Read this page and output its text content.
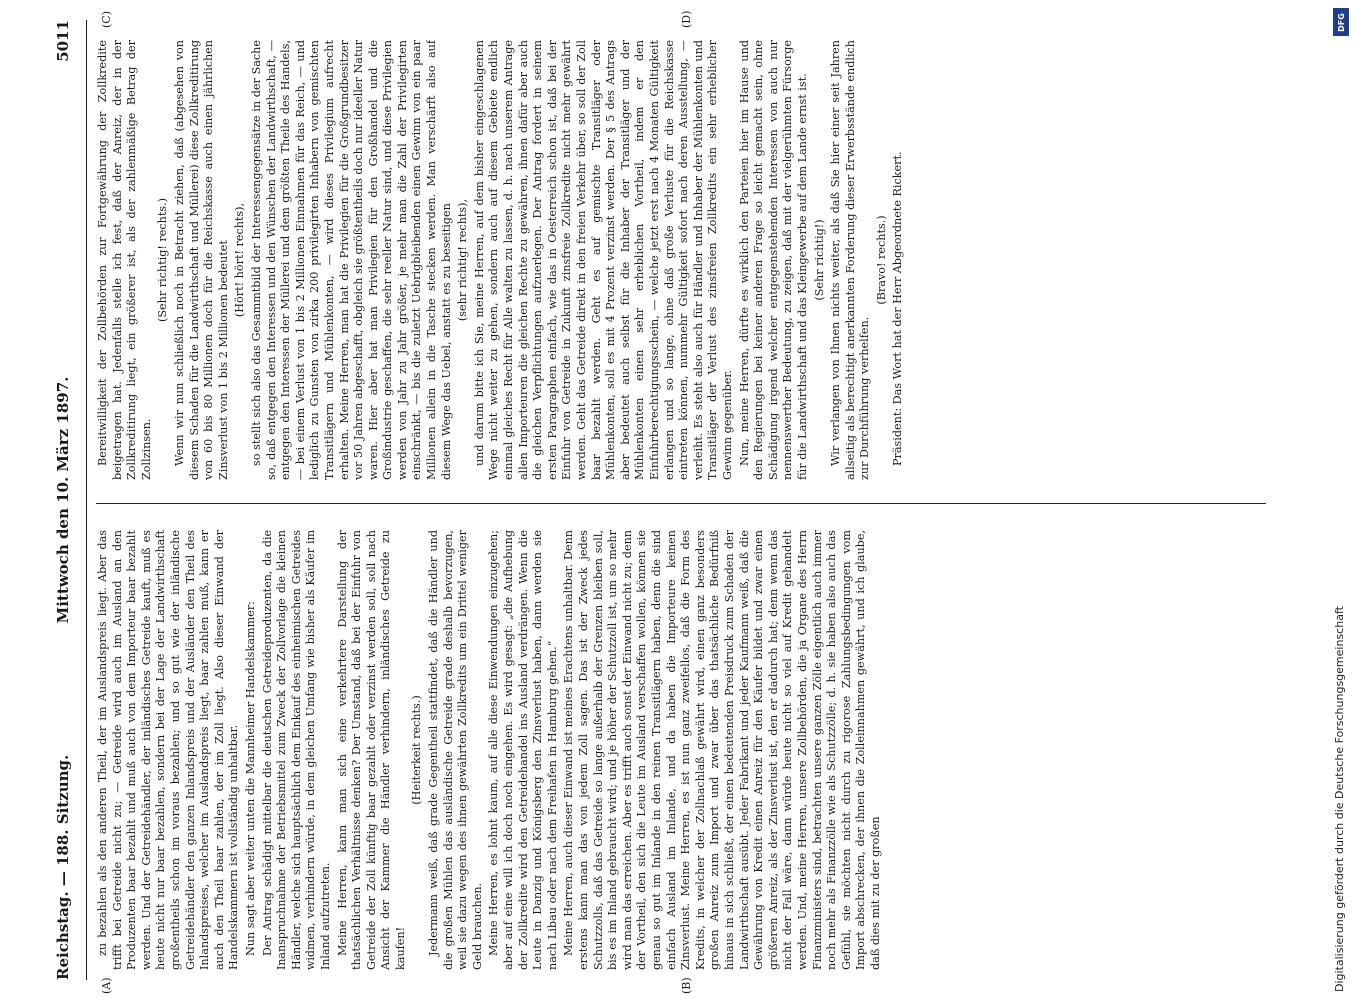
Reichstag. — 188. Sitzung.
Mittwoch den 10. März 1897.
5011
(A)	(B)
(C)	(D)

zu bezahlen als den anderen Theil, der im Auslandspreis liegt. Aber das trifft bei Getreide nicht zu; — Getreide wird auch im Ausland an den Produzenten baar bezahlt und muß auch von dem Importeur baar bezahlt werden. Und der Getreidehändler, der inländisches Getreide kauft, muß es heute nicht nur baar bezahlen, sondern bei der Lage der Landwirthschaft großentheils schon im voraus bezahlen; und so gut wie der inländische Getreidehändler den ganzen Inlandspreis und der Ausländer den Theil des Inlandspreises, welcher im Auslandspreis liegt, baar zahlen muß, kann er auch den Theil baar zahlen, der im Zoll liegt. Also dieser Einwand der Handelskammern ist vollständig unhaltbar. Nun sagt aber weiter unten die Mannheimer Handelskammer: Der Antrag schädigt mittelbar die deutschen Getreideproduzenten, da die Inanspruchnahme der Betriebsmittel zum Zweck der Zollvorlage die kleinen Händler, welche sich hauptsächlich dem Einkauf des einheimischen Getreides widmen, verhindern würde, in dem gleichen Umfang wie bisher als Käufer im Inland aufzutreten. Meine Herren, kann man sich eine verkehrtere Darstellung der thatsächlichen Verhältnisse denken? Der Umstand, daß bei der Einfuhr von Getreide der Zoll künftig baar gezahlt oder verzinst werden soll, soll nach Ansicht der Kammer die Händler verhindern, inländisches Getreide zu kaufen!

(Heiterkeit rechts.) Jedermann weiß, daß grade Gegentheil stattfindet, daß die Händler und die großen Mühlen das ausländische Getreide grade deshalb bevorzugen, weil sie dazu wegen des ihnen gewährten Zollkredits um ein Drittel weniger Geld brauchen. Meine Herren, es lohnt kaum, auf alle diese Einwendungen einzugehen; aber auf eine will ich doch noch eingehen. Es wird gesagt: „die Aufhebung der Zollkredite wird den Getreidehandel ins Ausland verdrängen. Wenn die Leute in Danzig und Königsberg den Zinsverlust haben, dann werden sie nach Libau oder nach dem Freihafen in Hamburg gehen.“ Meine Herren, auch dieser Einwand ist meines Erachtens unhaltbar. Denn erstens kann man das von jedem Zoll sagen. Das ist der Zweck jedes Schutzzolls, daß das Getreide so lange außerhalb der Grenzen bleiben soll, bis es im Inland gebraucht wird; und je höher der Schutzzoll ist, um so mehr wird man das erreichen. Aber es trifft auch sonst der Einwand nicht zu; denn der Vortheil, den sich die Leute im Ausland verschaffen wollen, können sie genau so gut im Inlande in den reinen Transitlägern haben, denn die sind einfach Ausland im Inlande, und da haben die Importeure keinen Zinsverlust. Meine Herren, es ist nun ganz zweifellos, daß die Form des Kredits, in welcher der Zollnachlaß gewährt wird, einen ganz besonders großen Anreiz zum Import und zwar über das thatsächliche Bedürfniß hinaus in sich schließt, der einen bedeutenden Preisdruck zum Schaden der Landwirthschaft ausübt. Jeder Fabrikant und jeder Kaufmann weiß, daß die Gewährung von Kredit einen Anreiz für den Käufer bildet und zwar einen größeren Anreiz, als der Zinsverlust ist, den er dadurch hat; denn wenn das nicht der Fall wäre, dann würde heute nicht so viel auf Kredit gehandelt werden. Und, meine Herren, unsere Zollbehörden, die ja Organe des Herrn Finanzministers sind, betrachten unsere ganzen Zölle eigentlich auch immer noch mehr als Finanzzölle wie als Schutzzölle; d. h. sie haben also auch das Gefühl, sie möchten nicht durch zu rigorose Zahlungsbedingungen vom Import abschrecken, der ihnen die Zolleinnahmen gewährt, und ich glaube, daß dies mit zu der großen

Bereitwilligkeit der Zollbehörden zur Fortgewährung der Zollkredite beigetragen hat. Jedenfalls stelle ich fest, daß der Anreiz, der in der Zollkreditirung liegt, ein größerer ist, als der zahlenmäßige Betrag der Zollzinsen.

(Sehr richtig! rechts.) Wenn wir nun schließlich noch in Betracht ziehen, daß (abgesehen von diesem Schaden für die Landwirthschaft und Müllerei) diese Zollkreditirung von 60 bis 80 Millionen doch für die Reichskasse auch einen jährlichen Zinsverlust von 1 bis 2 Millionen bedeutet (Hört! hört! rechts), so stellt sich also das Gesammtbild der Interessengegensätze in der Sache so, daß entgegen den Interessen und den Wünschen der Landwirthschaft, — entgegen den Interessen der Müllerei und dem größten Theile des Handels, — bei einem Verlust von 1 bis 2 Millionen Einnahmen für das Reich, — und lediglich zu Gunsten von zirka 200 privilegirten Inhabern von gemischten Transitlägern und Mühlenkonten, — wird dieses Privilegium aufrecht erhalten. Meine Herren, man hat die Privilegien für die Großgrundbesitzer vor 50 Jahren abgeschafft, obgleich sie größtentheils doch nur ideeller Natur waren. Hier aber hat man Privilegien für den Großhandel und die Großindustrie geschaffen, die sehr reeller Natur sind, und diese Privilegien werden von Jahr zu Jahr größer, je mehr man die Zahl der Privilegirten einschränkt, — bis die zuletzt Uebrigbleibenden einen Gewinn von ein paar Millionen allein in die Tasche stecken werden. Man verschärft also auf diesem Wege das Uebel, anstatt es zu beseitigen (sehr richtig! rechts), und darum bitte ich Sie, meine Herren, auf dem bisher eingeschlagenen Wege nicht weiter zu gehen, sondern auch auf diesem Gebiete endlich einmal gleiches Recht für Alle walten zu lassen, d. h. nach unserem Antrage allen Importeuren die gleichen Rechte zu gewähren, ihnen dafür aber auch die gleichen Verpflichtungen aufzuerlegen. Der Antrag fordert in seinem ersten Paragraphen einfach, wie das in Oesterreich schon ist, daß bei der Einfuhr von Getreide in Zukunft zinsfreie Zollkredite nicht mehr gewährt werden. Geht das Getreide direkt in den freien Verkehr über, so soll der Zoll baar bezahlt werden. Geht es auf gemischte Transitläger oder Mühlenkonten, soll es mit 4 Prozent verzinst werden. Der § 5 des Antrags aber bedeutet auch selbst für die Inhaber der Transitläger und der Mühlenkonten einen sehr erheblichen Vortheil, indem er den Einfuhrberechtigungsschein, — welche jetzt erst nach 4 Monaten Gültigkeit erlangen und so lange, ohne daß große Verluste für die Reichskasse eintreten können, nummehr Gültigkeit sofort nach deren Ausstellung, — verleiht. Es steht also auch für Händler und Inhaber der Mühlenkonten und Transitläger der Verlust des zinsfreien Zollkredits ein sehr erheblicher Gewinn gegenüber. Nun, meine Herren, dürfte es wirklich den Parteien hier im Hause und den Regierungen bei keiner anderen Frage so leicht gemacht sein, ohne Schädigung irgend welcher entgegenstehenden Interessen von auch nur nennenswerther Bedeutung, zu zeigen, daß mit der vielgerühmten Fürsorge für die Landwirthschaft und das Kleingewerbe auf dem Lande ernst ist. (Sehr richtig!) Wir verlangen von Ihnen nichts weiter, als daß Sie hier einer seit Jahren allseitig als berechtigt anerkannten Forderung dieser Erwerbsstände endlich zur Durchführung verhelfen.

(Bravo! rechts.) Präsident: Das Wort hat der Herr Abgeordnete Rickert.

Digitalisierung gefördert durch die Deutsche Forschungsgemeinschaft
DFG
